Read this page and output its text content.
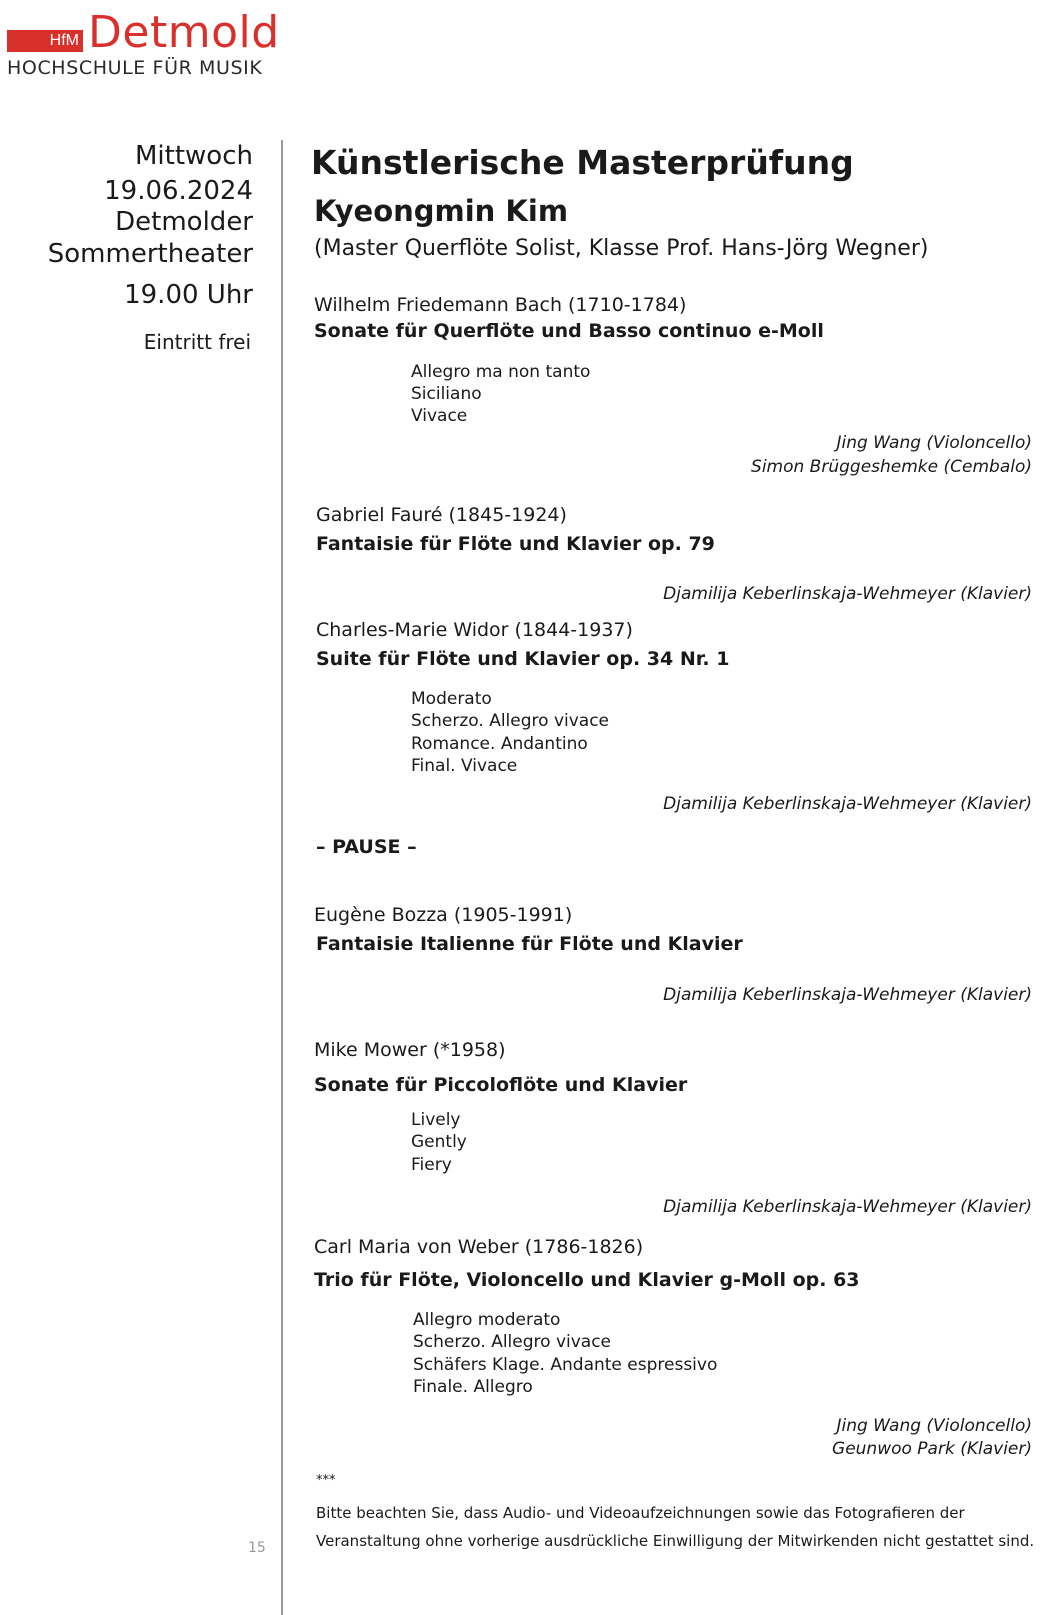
HfM Detmold
HOCHSCHULE FÜR MUSIK
Mittwoch
19.06.2024
Detmolder
Sommertheater
19.00 Uhr
Eintritt frei
15
Künstlerische Masterprüfung
Kyeongmin Kim
(Master Querflöte Solist, Klasse Prof. Hans-Jörg Wegner)
Wilhelm Friedemann Bach (1710-1784)
Sonate für Querflöte und Basso continuo e-Moll
Allegro ma non tanto
Siciliano
Vivace
Jing Wang (Violoncello)
Simon Brüggeshemke (Cembalo)
Gabriel Fauré (1845-1924)
Fantaisie für Flöte und Klavier op. 79
Djamilija Keberlinskaja-Wehmeyer (Klavier)
Charles-Marie Widor (1844-1937)
Suite für Flöte und Klavier op. 34 Nr. 1
Moderato
Scherzo. Allegro vivace
Romance. Andantino
Final. Vivace
Djamilija Keberlinskaja-Wehmeyer (Klavier)
– PAUSE –
Eugène Bozza (1905-1991)
Fantaisie Italienne für Flöte und Klavier
Djamilija Keberlinskaja-Wehmeyer (Klavier)
Mike Mower (*1958)
Sonate für Piccoloflöte und Klavier
Lively
Gently
Fiery
Djamilija Keberlinskaja-Wehmeyer (Klavier)
Carl Maria von Weber (1786-1826)
Trio für Flöte, Violoncello und Klavier g-Moll op. 63
Allegro moderato
Scherzo. Allegro vivace
Schäfers Klage. Andante espressivo
Finale. Allegro
Jing Wang (Violoncello)
Geunwoo Park (Klavier)
***
Bitte beachten Sie, dass Audio- und Videoaufzeichnungen sowie das Fotografieren der
Veranstaltung ohne vorherige ausdrückliche Einwilligung der Mitwirkenden nicht gestattet sind.
